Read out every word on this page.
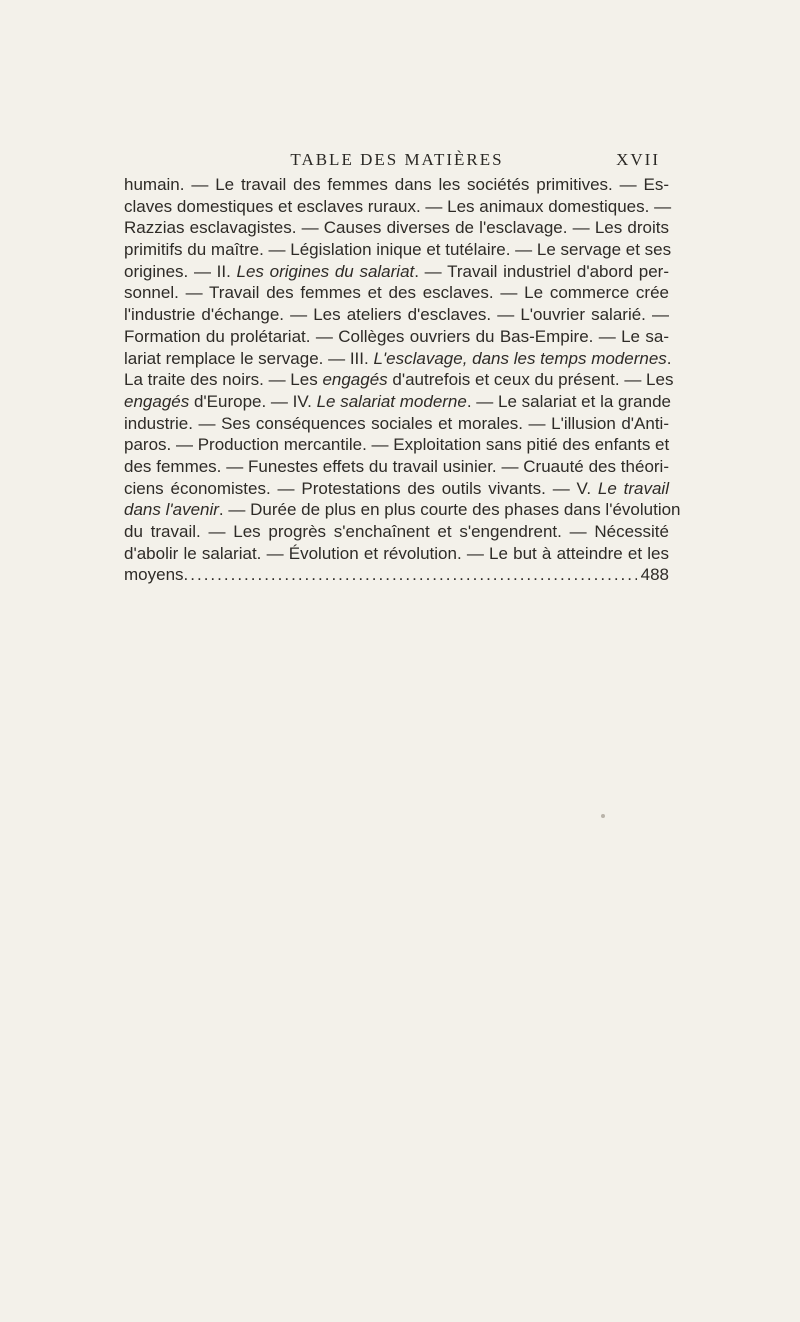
TABLE DES MATIÈRES	XVII
humain. — Le travail des femmes dans les sociétés primitives. — Es-
claves domestiques et esclaves ruraux. — Les animaux domestiques. —
Razzias esclavagistes. — Causes diverses de l'esclavage. — Les droits
primitifs du maître. — Législation inique et tutélaire. — Le servage et ses
origines. — II. Les origines du salariat. — Travail industriel d'abord per-
sonnel. — Travail des femmes et des esclaves. — Le commerce crée
l'industrie d'échange. — Les ateliers d'esclaves. — L'ouvrier salarié. —
Formation du prolétariat. — Collèges ouvriers du Bas-Empire. — Le sa-
lariat remplace le servage. — III. L'esclavage, dans les temps modernes.
La traite des noirs. — Les engagés d'autrefois et ceux du présent. — Les
engagés d'Europe. — IV. Le salariat moderne. — Le salariat et la grande
industrie. — Ses conséquences sociales et morales. — L'illusion d'Anti-
paros. — Production mercantile. — Exploitation sans pitié des enfants et
des femmes. — Funestes effets du travail usinier. — Cruauté des théori-
ciens économistes. — Protestations des outils vivants. — V. Le travail
dans l'avenir. — Durée de plus en plus courte des phases dans l'évolution
du travail. — Les progrès s'enchaînent et s'engendrent. — Nécessité
d'abolir le salariat. — Évolution et révolution. — Le but à atteindre et les
moyens
.....	488
